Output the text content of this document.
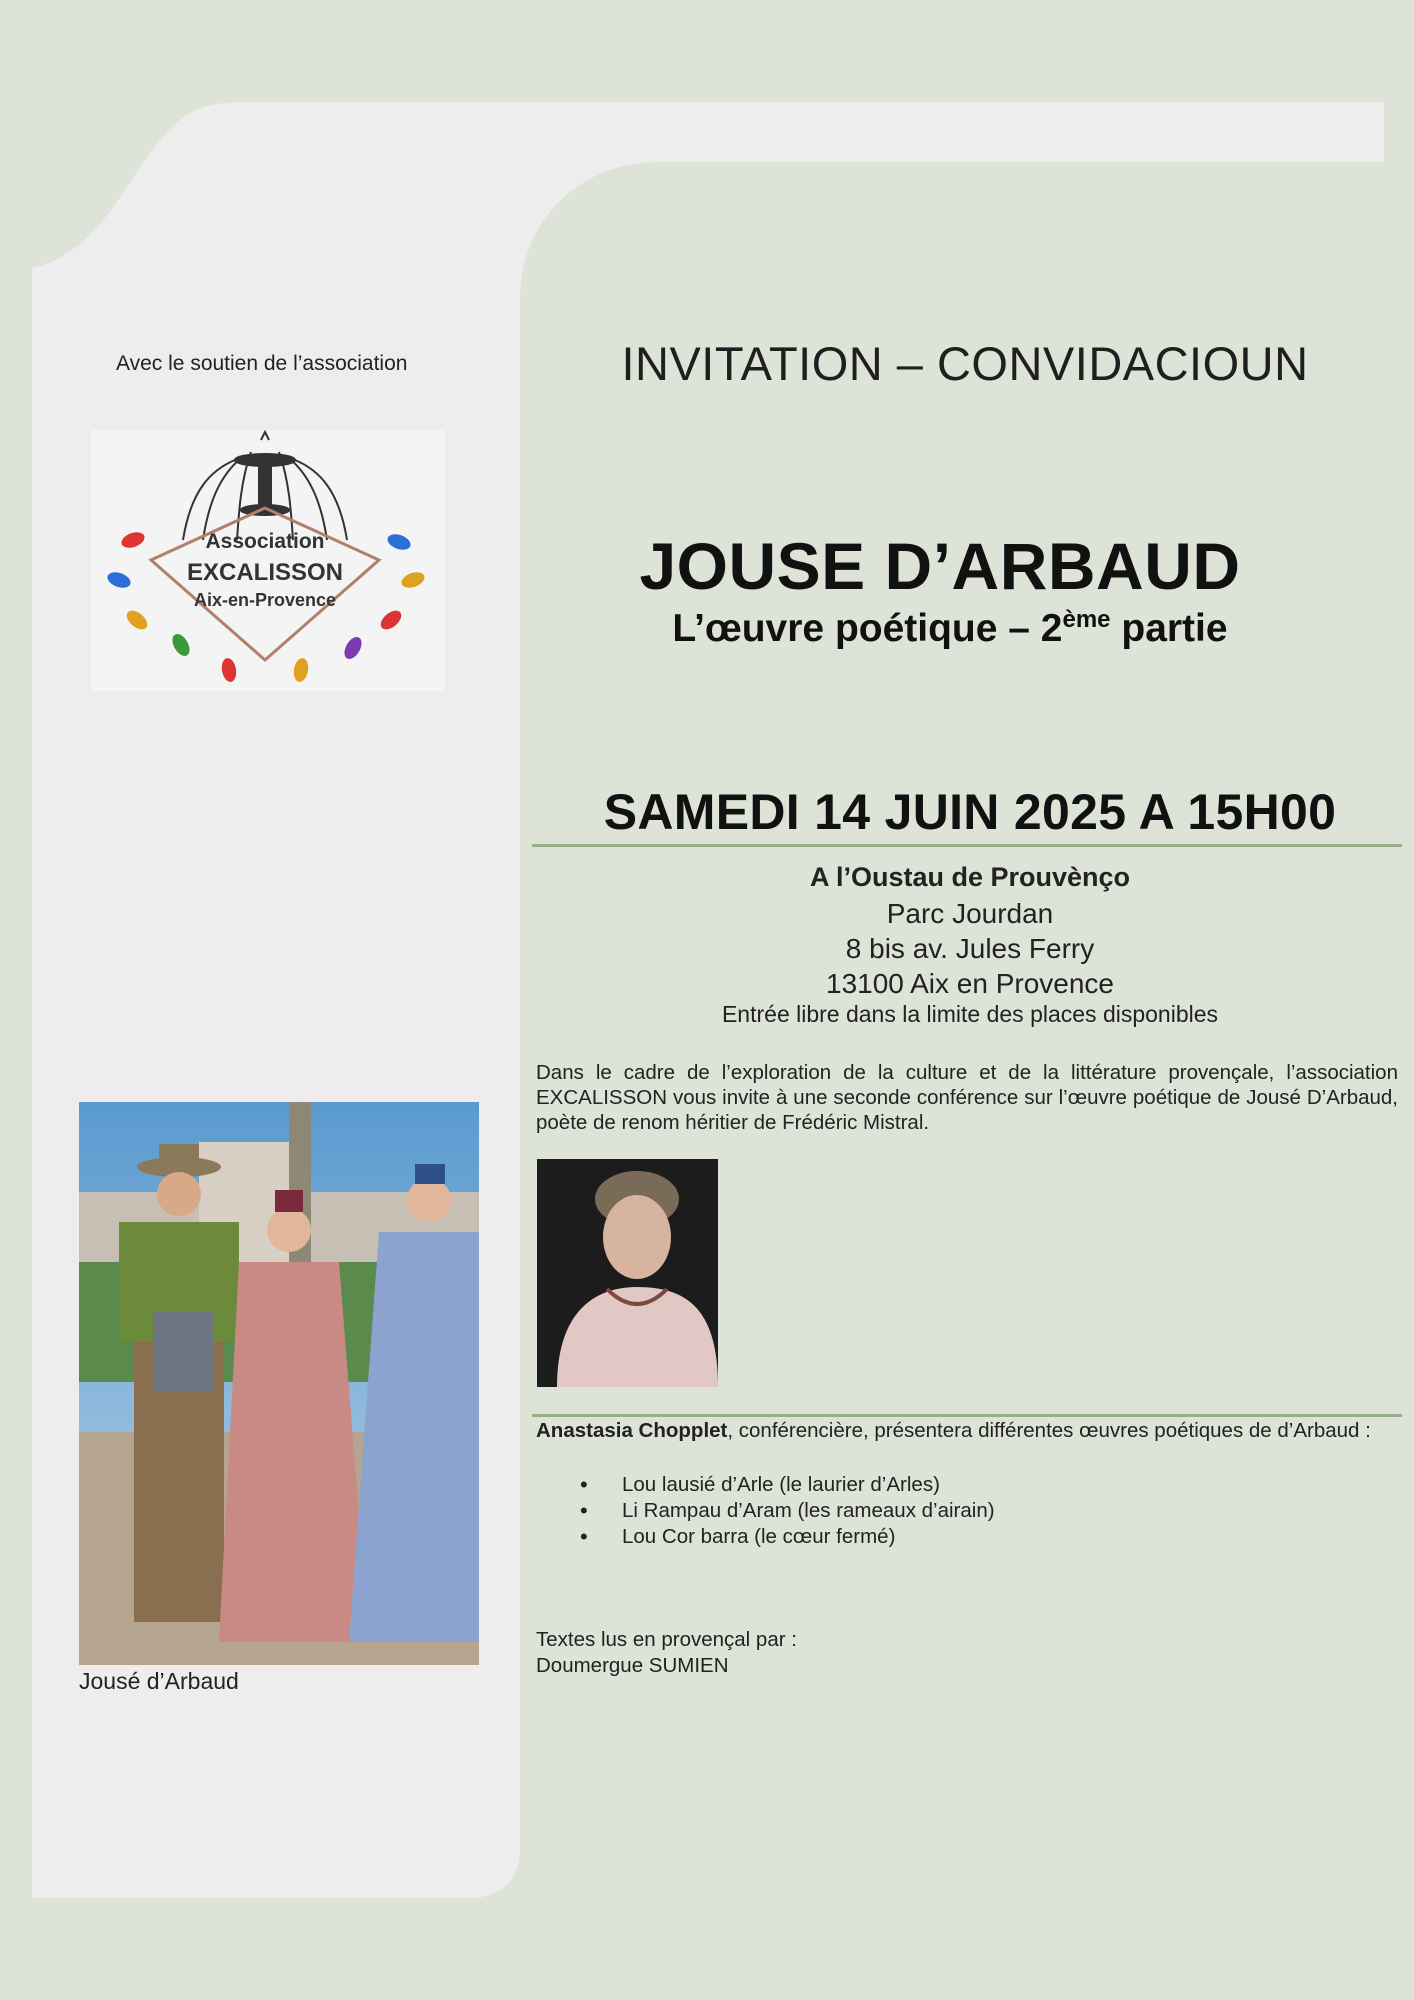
Avec le soutien de l’association
Association
EXCALISSON
Aix-en-Provence
Jousé d’Arbaud
INVITATION – CONVIDACIOUN
JOUSE D’ARBAUD
L’œuvre poétique – 2ème partie
SAMEDI 14 JUIN 2025 A 15H00
A l’Oustau de Prouvènço
Parc Jourdan
8 bis av. Jules Ferry
13100 Aix en Provence
Entrée libre dans la limite des places disponibles
Dans le cadre de l’exploration de la culture et de la littérature provençale, l’association EXCALISSON vous invite à une seconde conférence sur l’œuvre poétique de Jousé D’Arbaud, poète de renom héritier de Frédéric Mistral.
Anastasia Chopplet, conférencière, présentera différentes œuvres poétiques de d’Arbaud :
• Lou lausié d’Arle (le laurier d’Arles)
• Li Rampau d’Aram (les rameaux d’airain)
• Lou Cor barra (le cœur fermé)
Textes lus en provençal par :
Doumergue SUMIEN
